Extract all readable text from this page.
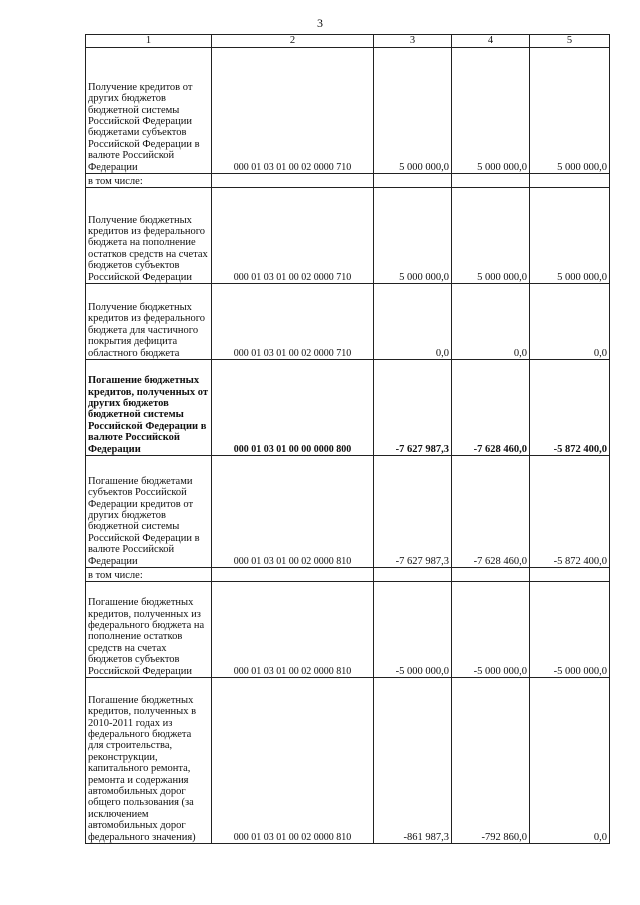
3
1	2	3	4	5
Получение кредитов от других бюджетов бюджетной системы Российской Федерации бюджетами субъектов Российской Федерации в валюте Российской Федерации	000 01 03 01 00 02 0000 710	5 000 000,0	5 000 000,0	5 000 000,0
в том числе:				
Получение бюджетных кредитов из федерального бюджета на пополнение остатков средств на счетах бюджетов субъектов Российской Федерации	000 01 03 01 00 02 0000 710	5 000 000,0	5 000 000,0	5 000 000,0
Получение бюджетных кредитов из федерального бюджета для частичного покрытия дефицита областного бюджета	000 01 03 01 00 02 0000 710	0,0	0,0	0,0
Погашение бюджетных кредитов, полученных от других бюджетов бюджетной системы Российской Федерации в валюте Российской Федерации	000 01 03 01 00 00 0000 800	-7 627 987,3	-7 628 460,0	-5 872 400,0
Погашение бюджетами субъектов Российской Федерации кредитов от других бюджетов бюджетной системы Российской Федерации в валюте Российской Федерации	000 01 03 01 00 02 0000 810	-7 627 987,3	-7 628 460,0	-5 872 400,0
в том числе:				
Погашение бюджетных кредитов, полученных из федерального бюджета на пополнение остатков средств на счетах бюджетов субъектов Российской Федерации	000 01 03 01 00 02 0000 810	-5 000 000,0	-5 000 000,0	-5 000 000,0
Погашение бюджетных кредитов, полученных в 2010-2011 годах из федерального бюджета для строительства, реконструкции, капитального ремонта, ремонта и содержания автомобильных дорог общего пользования (за исключением автомобильных дорог федерального значения)	000 01 03 01 00 02 0000 810	-861 987,3	-792 860,0	0,0
